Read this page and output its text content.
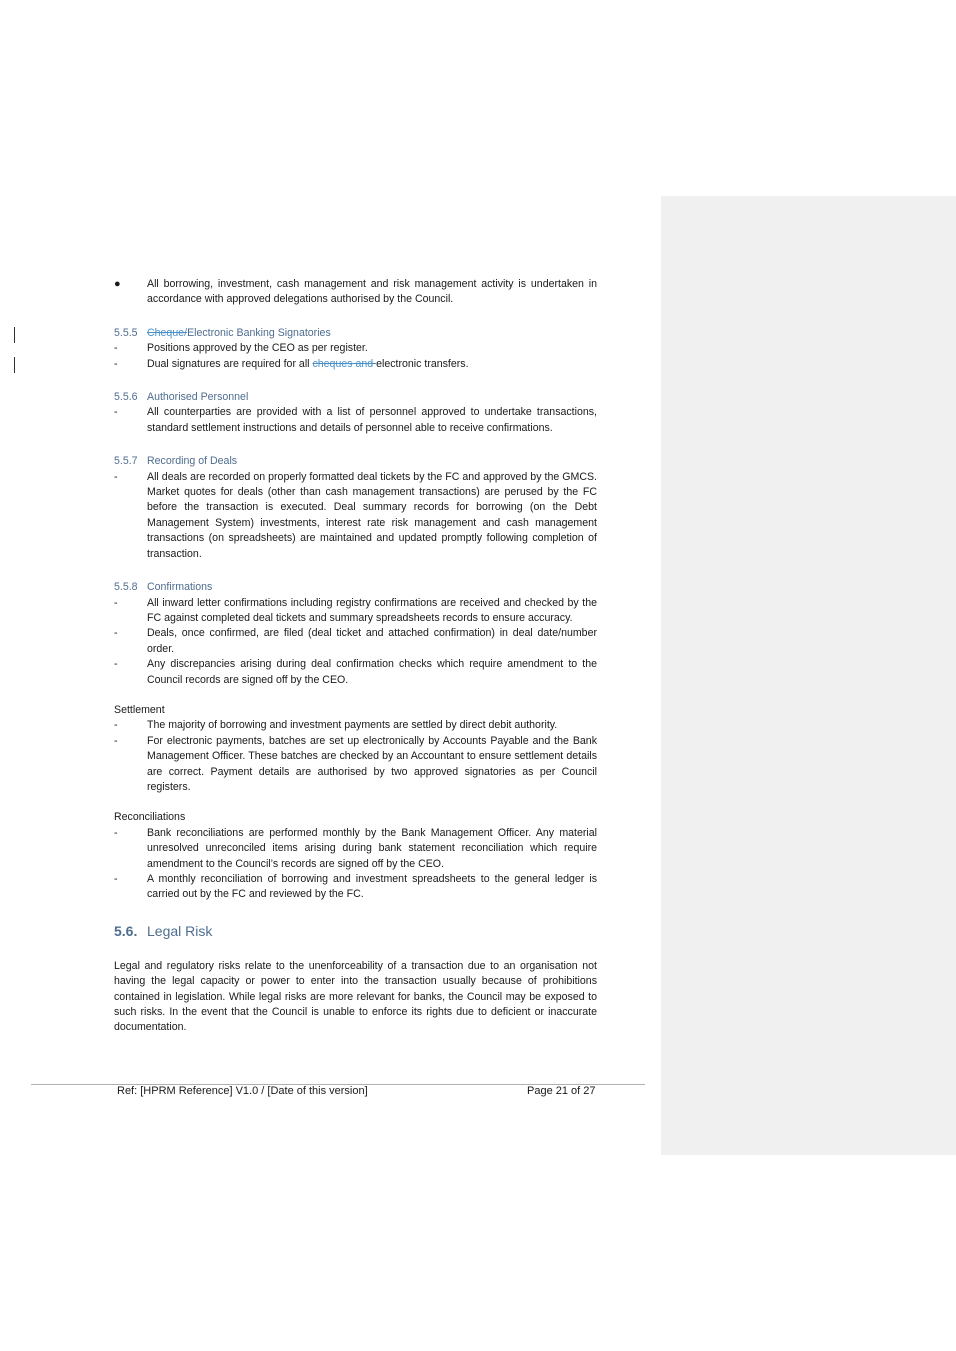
● All borrowing, investment, cash management and risk management activity is undertaken in accordance with approved delegations authorised by the Council.
5.5.5 Cheque/Electronic Banking Signatories
-	Positions approved by the CEO as per register.
-	Dual signatures are required for all cheques and electronic transfers.
5.5.6 Authorised Personnel
-	All counterparties are provided with a list of personnel approved to undertake transactions, standard settlement instructions and details of personnel able to receive confirmations.
5.5.7 Recording of Deals
-	All deals are recorded on properly formatted deal tickets by the FC and approved by the GMCS. Market quotes for deals (other than cash management transactions) are perused by the FC before the transaction is executed. Deal summary records for borrowing (on the Debt Management System) investments, interest rate risk management and cash management transactions (on spreadsheets) are maintained and updated promptly following completion of transaction.
5.5.8 Confirmations
-	All inward letter confirmations including registry confirmations are received and checked by the FC against completed deal tickets and summary spreadsheets records to ensure accuracy.
-	Deals, once confirmed, are filed (deal ticket and attached confirmation) in deal date/number order.
-	Any discrepancies arising during deal confirmation checks which require amendment to the Council records are signed off by the CEO.
Settlement
-	The majority of borrowing and investment payments are settled by direct debit authority.
-	For electronic payments, batches are set up electronically by Accounts Payable and the Bank Management Officer. These batches are checked by an Accountant to ensure settlement details are correct. Payment details are authorised by two approved signatories as per Council registers.
Reconciliations
-	Bank reconciliations are performed monthly by the Bank Management Officer. Any material unresolved unreconciled items arising during bank statement reconciliation which require amendment to the Council’s records are signed off by the CEO.
-	A monthly reconciliation of borrowing and investment spreadsheets to the general ledger is carried out by the FC and reviewed by the FC.
5.6. Legal Risk
Legal and regulatory risks relate to the unenforceability of a transaction due to an organisation not having the legal capacity or power to enter into the transaction usually because of prohibitions contained in legislation. While legal risks are more relevant for banks, the Council may be exposed to such risks. In the event that the Council is unable to enforce its rights due to deficient or inaccurate documentation.
Ref: [HPRM Reference] V1.0 / [Date of this version]	Page 21 of 27
